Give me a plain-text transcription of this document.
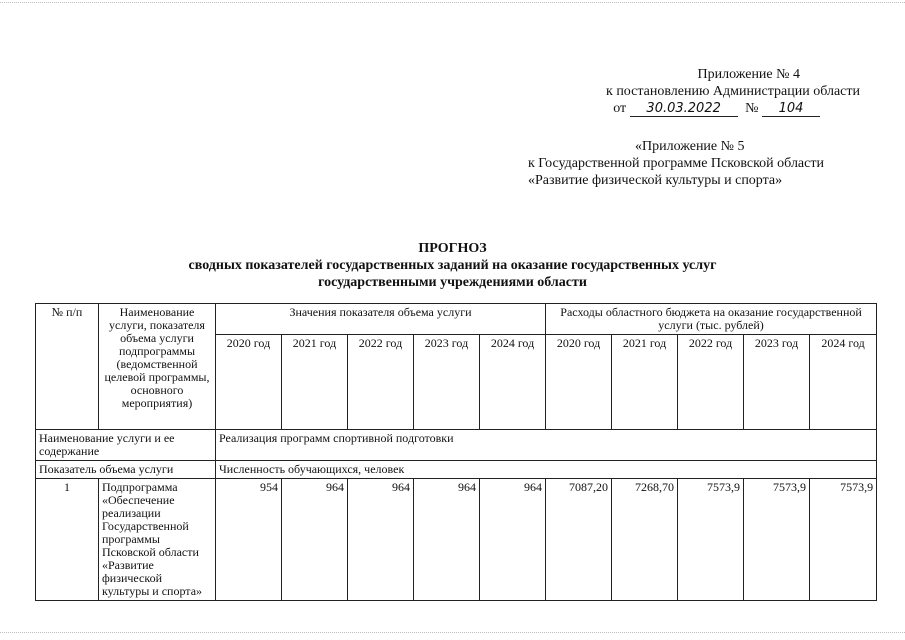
Приложение № 4
к постановлению Администрации области
от 30.03.2022 № 104
«Приложение № 5
к Государственной программе Псковской области
«Развитие физической культуры и спорта»
ПРОГНОЗ
сводных показателей государственных заданий на оказание государственных услуг
государственными учреждениями области
№ п/п	Наименование услуги, показателя объема услуги подпрограммы (ведомственной целевой программы, основного мероприятия)	Значения показателя объема услуги					Расходы областного бюджета на оказание государственной услуги (тыс. рублей)				
		2020 год	2021 год	2022 год	2023 год	2024 год	2020 год	2021 год	2022 год	2023 год	2024 год
Наименование услуги и ее содержание		Реализация программ спортивной подготовки									
Показатель объема услуги		Численность обучающихся, человек									
1	Подпрограмма «Обеспечение реализации Государственной программы Псковской области «Развитие физической культуры и спорта»	954	964	964	964	964	7087,20	7268,70	7573,9	7573,9	7573,9
